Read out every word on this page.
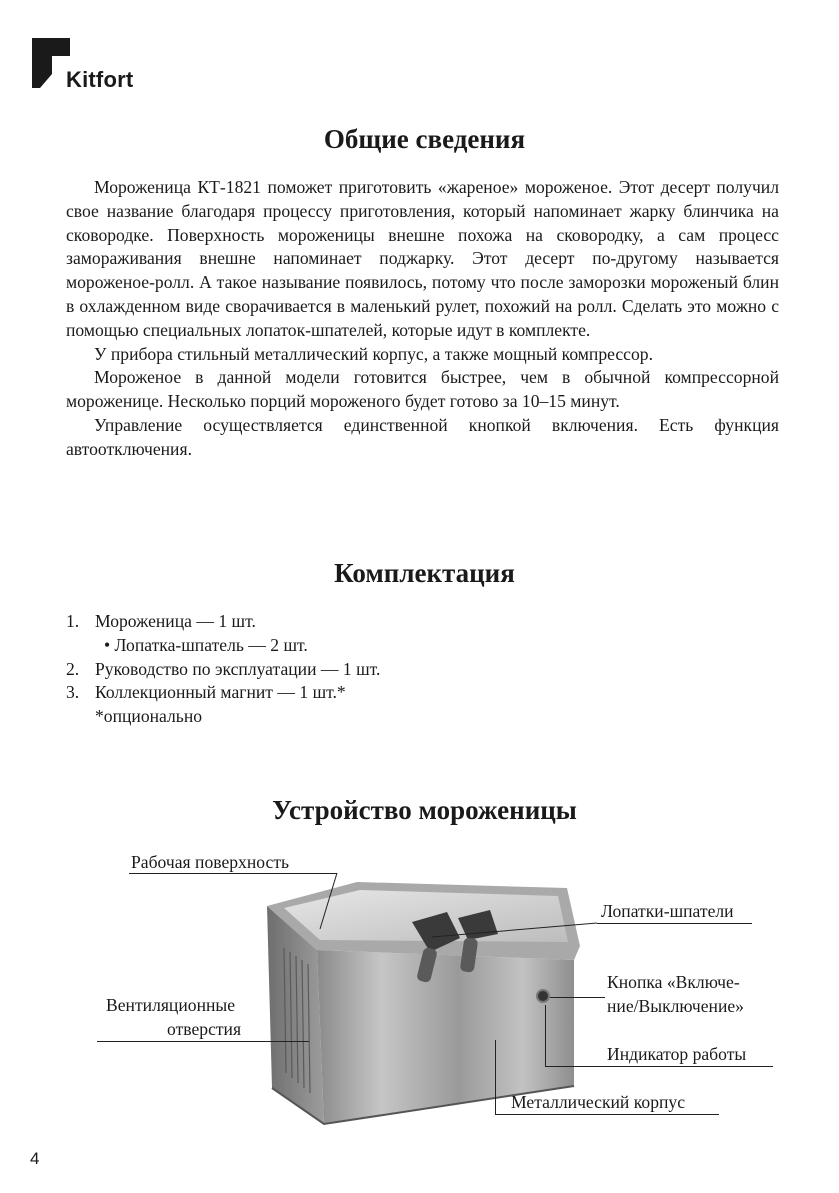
Kitfort
Общие сведения

Мороженица КТ-1821 поможет приготовить «жареное» мороженое. Этот десерт получил свое название благодаря процессу приготовления, который напоминает жарку блинчика на сковородке. Поверхность мороженицы внешне похожа на сковородку, а сам процесс замораживания внешне напоминает поджарку. Этот десерт по-другому называется мороженое-ролл. А такое называние появилось, потому что после заморозки мороженый блин в охлажденном виде сворачивается в маленький рулет, похожий на ролл. Сделать это можно с помощью специальных лопаток-шпателей, которые идут в комплекте.

У прибора стильный металлический корпус, а также мощный компрессор.

Мороженое в данной модели готовится быстрее, чем в обычной компрессорной мороженице. Несколько порций мороженого будет готово за 10–15 минут.

Управление осуществляется единственной кнопкой включения. Есть функция автоотключения.

Комплектация
1. Мороженица — 1 шт.
• Лопатка-шпатель — 2 шт.
2. Руководство по эксплуатации — 1 шт.
3. Коллекционный магнит — 1 шт.*
*опционально
Устройство мороженицы
Рабочая поверхность
Лопатки-шпатели
Вентиляционные
отверстия
Кнопка «Включе-
ние/Выключение»
Индикатор работы
Металлический корпус
4
